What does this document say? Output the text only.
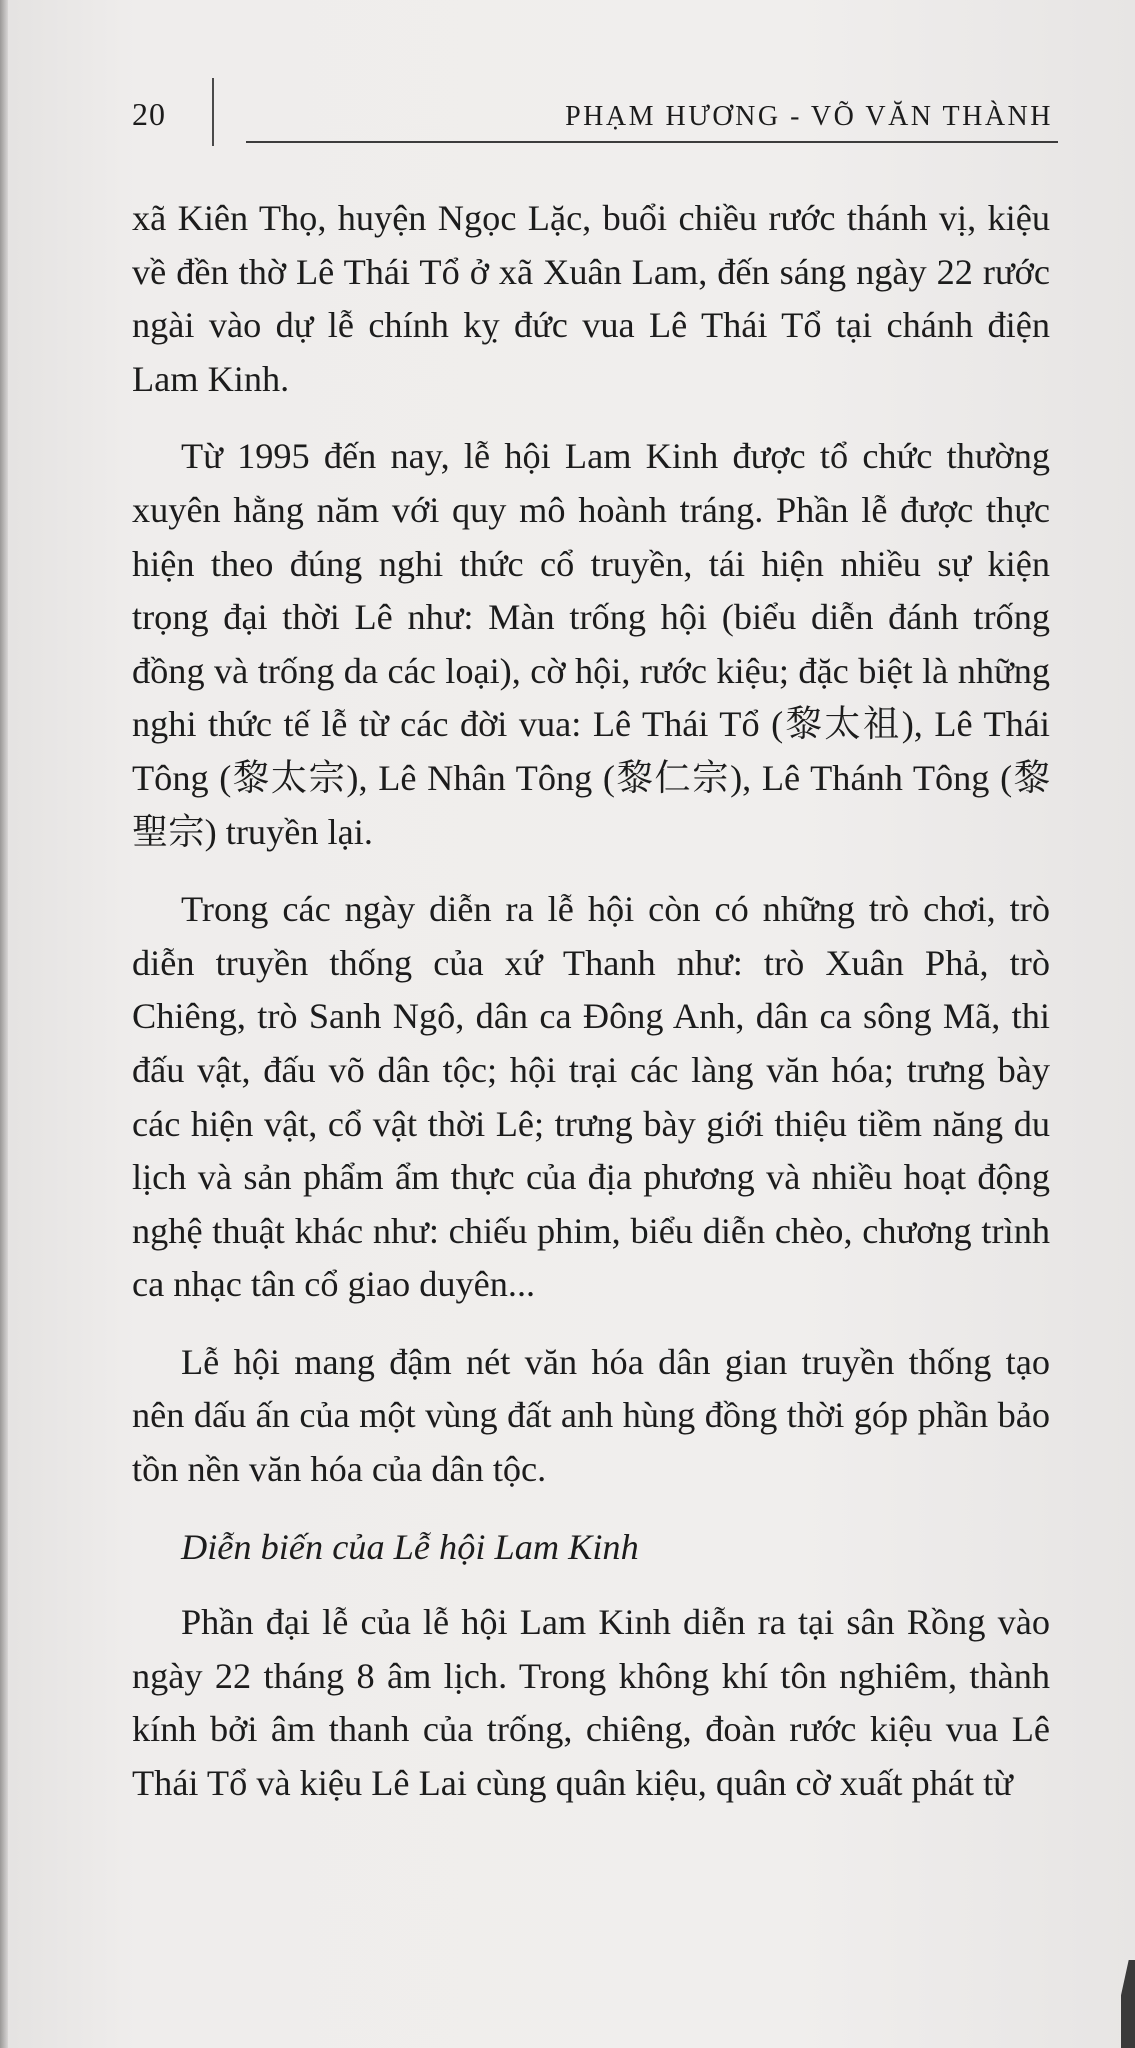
20	PHẠM HƯƠNG - VÕ VĂN THÀNH

xã Kiên Thọ, huyện Ngọc Lặc, buổi chiều rước thánh vị, kiệu về đền thờ Lê Thái Tổ ở xã Xuân Lam, đến sáng ngày 22 rước ngài vào dự lễ chính kỵ đức vua Lê Thái Tổ tại chánh điện Lam Kinh.

Từ 1995 đến nay, lễ hội Lam Kinh được tổ chức thường xuyên hằng năm với quy mô hoành tráng. Phần lễ được thực hiện theo đúng nghi thức cổ truyền, tái hiện nhiều sự kiện trọng đại thời Lê như: Màn trống hội (biểu diễn đánh trống đồng và trống da các loại), cờ hội, rước kiệu; đặc biệt là những nghi thức tế lễ từ các đời vua: Lê Thái Tổ (黎太祖), Lê Thái Tông (黎太宗), Lê Nhân Tông (黎仁宗), Lê Thánh Tông (黎聖宗) truyền lại.

Trong các ngày diễn ra lễ hội còn có những trò chơi, trò diễn truyền thống của xứ Thanh như: trò Xuân Phả, trò Chiêng, trò Sanh Ngô, dân ca Đông Anh, dân ca sông Mã, thi đấu vật, đấu võ dân tộc; hội trại các làng văn hóa; trưng bày các hiện vật, cổ vật thời Lê; trưng bày giới thiệu tiềm năng du lịch và sản phẩm ẩm thực của địa phương và nhiều hoạt động nghệ thuật khác như: chiếu phim, biểu diễn chèo, chương trình ca nhạc tân cổ giao duyên...

Lễ hội mang đậm nét văn hóa dân gian truyền thống tạo nên dấu ấn của một vùng đất anh hùng đồng thời góp phần bảo tồn nền văn hóa của dân tộc.

Diễn biến của Lễ hội Lam Kinh

Phần đại lễ của lễ hội Lam Kinh diễn ra tại sân Rồng vào ngày 22 tháng 8 âm lịch. Trong không khí tôn nghiêm, thành kính bởi âm thanh của trống, chiêng, đoàn rước kiệu vua Lê Thái Tổ và kiệu Lê Lai cùng quân kiệu, quân cờ xuất phát từ
